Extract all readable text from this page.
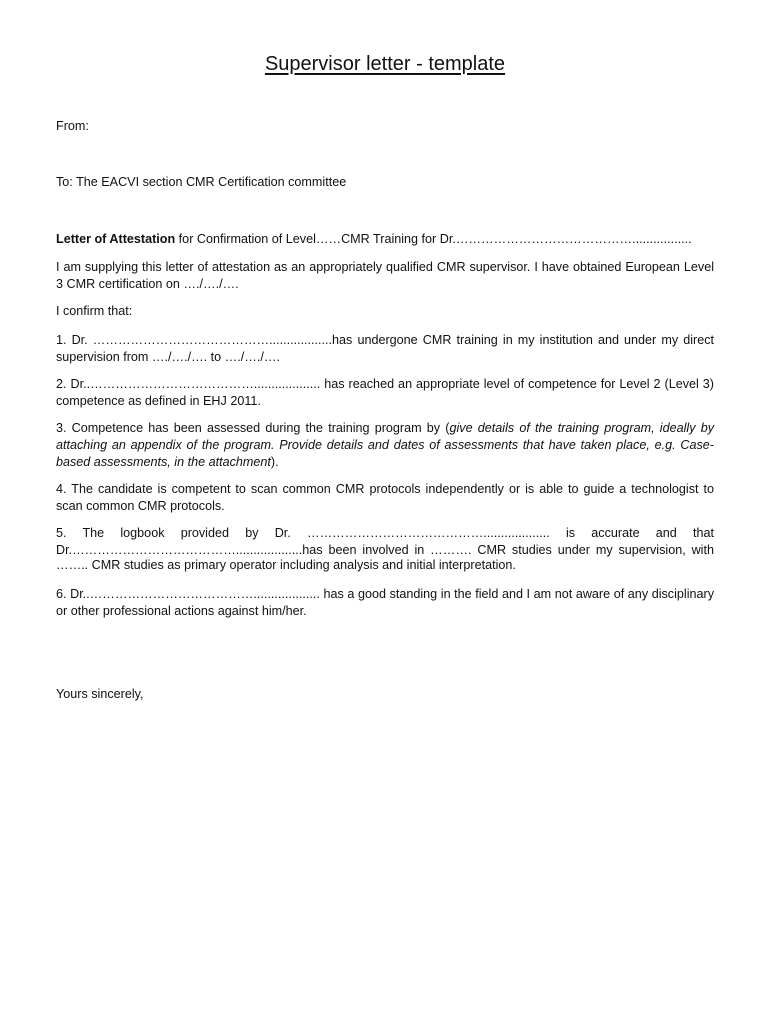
Supervisor letter - template

From:

To: The EACVI section CMR Certification committee

Letter of Attestation for Confirmation of Level……CMR Training for Dr.…………………………………….................

I am supplying this letter of attestation as an appropriately qualified CMR supervisor. I have obtained European Level 3 CMR certification on …./…./….

I confirm that:

1. Dr. ……………………………………..................has undergone CMR training in my institution and under my direct supervision from …./…./…. to …./…./….

2. Dr..…………………………………................... has reached an appropriate level of competence for Level 2 (Level 3) competence as defined in EHJ 2011.

3. Competence has been assessed during the training program by (give details of the training program, ideally by attaching an appendix of the program. Provide details and dates of assessments that have taken place, e.g. Case-based assessments, in the attachment).

4. The candidate is competent to scan common CMR protocols independently or is able to guide a technologist to scan common CMR protocols.

5. The logbook provided by Dr. ……………………………………................... is accurate and that

Dr.…………………………………...................has been involved in ………. CMR studies under my supervision, with

…….. CMR studies as primary operator including analysis and initial interpretation.

6. Dr..…………………………………................... has a good standing in the field and I am not aware of any disciplinary or other professional actions against him/her.

Yours sincerely,
